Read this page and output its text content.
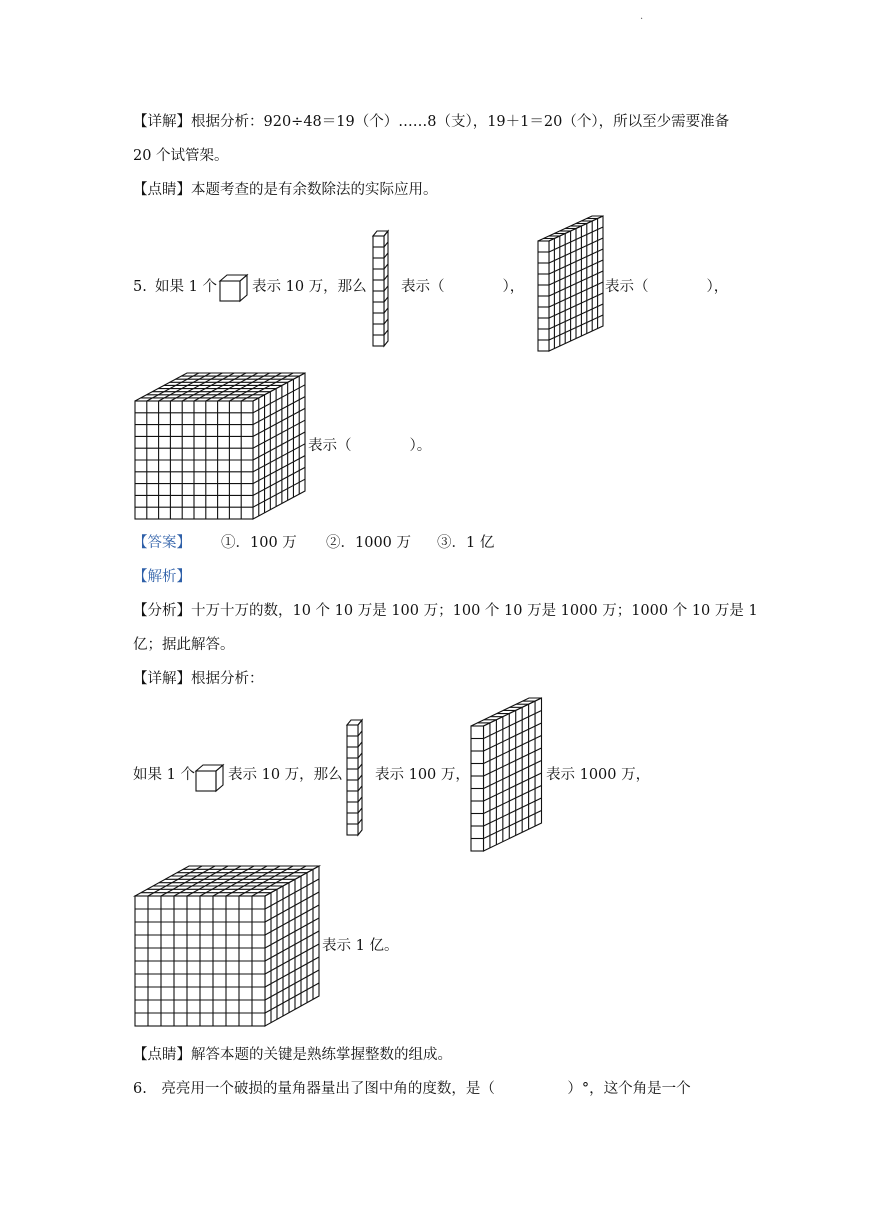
·
【详解】根据分析：920÷48＝19（个）……8（支），19＋1＝20（个），所以至少需要准备
20 个试管架。
【点睛】本题考查的是有余数除法的实际应用。
5. 如果 1 个 表示 10 万，那么 表示（　　　　），	表示（　　　　），
表示（　　　　）。
【答案】 ①．100 万 ②．1000 万 ③．1 亿
【解析】
【分析】十万十万的数，10 个 10 万是 100 万；100 个 10 万是 1000 万；1000 个 10 万是 1
亿；据此解答。
【详解】根据分析：
如果 1 个 表示 10 万，那么 表示 100 万，	表示 1000 万，
表示 1 亿。
【点睛】解答本题的关键是熟练掌握整数的组成。
6.　亮亮用一个破损的量角器量出了图中角的度数，是（　　　　　）°，这个角是一个
